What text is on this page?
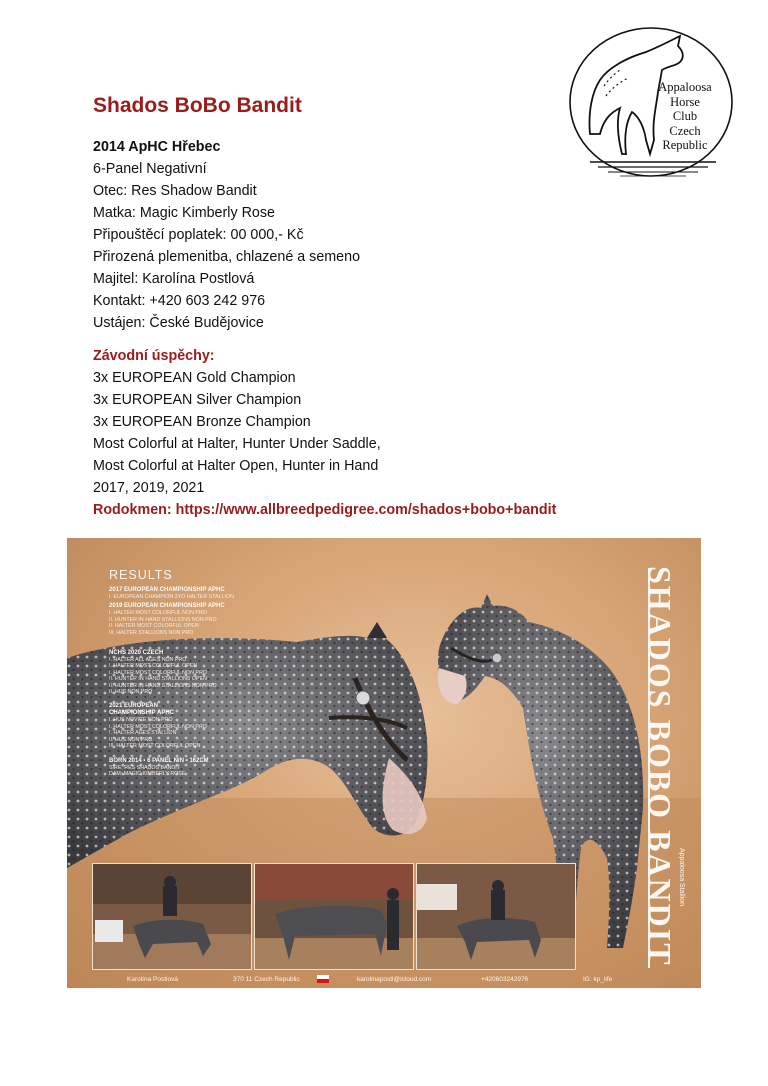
Shados BoBo Bandit
Appaloosa
Horse
Club
Czech
Republic
2014 ApHC Hřebec
6-Panel Negativní
Otec: Res Shadow Bandit
Matka: Magic Kimberly Rose
Připouštěcí poplatek: 00 000,- Kč
Přirozená plemenitba, chlazené a semeno
Majitel: Karolína Postlová
Kontakt: +420 603 242 976
Ustájen: České Budějovice
Závodní úspěchy:
3x EUROPEAN Gold Champion
3x EUROPEAN Silver Champion
3x EUROPEAN Bronze Champion
Most Colorful at Halter, Hunter Under Saddle,
Most Colorful at Halter Open, Hunter in Hand
2017, 2019, 2021
Rodokmen: https://www.allbreedpedigree.com/shados+bobo+bandit
RESULTS
2017 EUROPEAN CHAMPIONSHIP APHC
I. EUROPEAN CHAMPION 3YO HALTER STALLION
2019 EUROPEAN CHAMPIONSHIP APHC
I. HALTER MOST COLORFUL NON PRO
II. HUNTER IN HAND STALLIONS NON PRO
II. HALTER MOST COLORFUL OPEN
III. HALTER STALLIONS NON PRO
NCHS 2020 CZECH
I. HALTER ALL AGES NON PRO
I. HALTER MOST COLORFUL OPEN
I. HALTER MOST COLORFUL NON PRO
II. HUNTER IN HAND STALLIONS OPEN
II. HUNTER IN HAND STALLIONS NON PRO
II. HUS NON PRO
2021 EUROPEAN CHAMPIONSHIP APHC
I. HUS NOVICE NON PRO
I. HALTER MOST COLORFUL NON PRO
I. HALTER AGES STALLION
II. HUS NON PRO
III. HALTER MOST COLORFUL OPEN
BORN 2014 • 6 PANEL N/N • 162CM
SIRE: RES SHADOS BANDIT
DAM: MAGIC KIMBERLY ROSE	SHADOS BOBO BANDIT Appaloosa Stallion
Karolína Postlová	370 11 Czech Republic	karolinapostl@icloud.com	+420603242976	IG: kp_life
